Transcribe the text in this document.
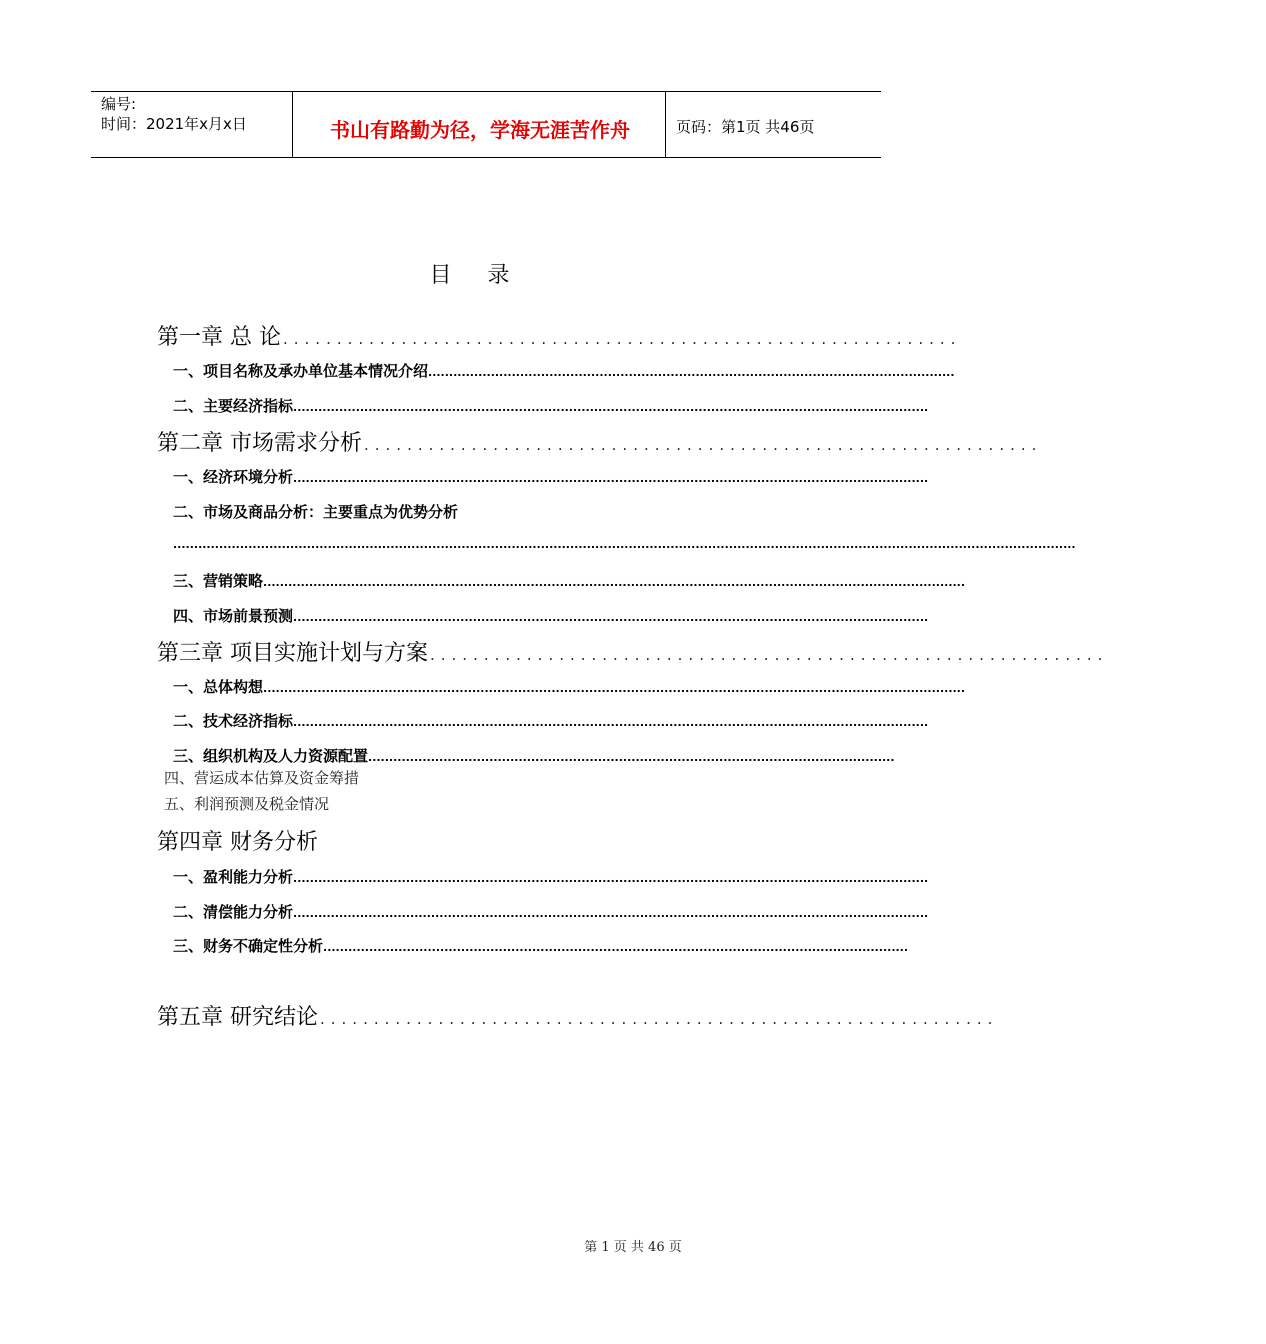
编号:
时间：2021年x月x日	书山有路勤为径，学海无涯苦作舟	页码：第1页 共46页
目录
第一章 总 论 ...............................................................
一、项目名称及承办单位基本情况介绍 ..............................................................................................................................
二、主要经济指标 ........................................................................................................................................................
第二章 市场需求分析 ...............................................................
一、经济环境分析 ........................................................................................................................................................
二、市场及商品分析：主要重点为优势分析
........................................................................................................................................................................................................................
三、营销策略 ........................................................................................................................................................................
四、市场前景预测 ........................................................................................................................................................
第三章 项目实施计划与方案 ...............................................................
一、总体构想 ........................................................................................................................................................................
二、技术经济指标 ........................................................................................................................................................
三、组织机构及人力资源配置 ..............................................................................................................................
四、营运成本估算及资金筹措
五、利润预测及税金情况
第四章 财务分析
一、盈利能力分析 ........................................................................................................................................................
二、清偿能力分析 ........................................................................................................................................................
三、财务不确定性分析 ............................................................................................................................................
第五章 研究结论 ...............................................................
第 1 页 共 46 页
